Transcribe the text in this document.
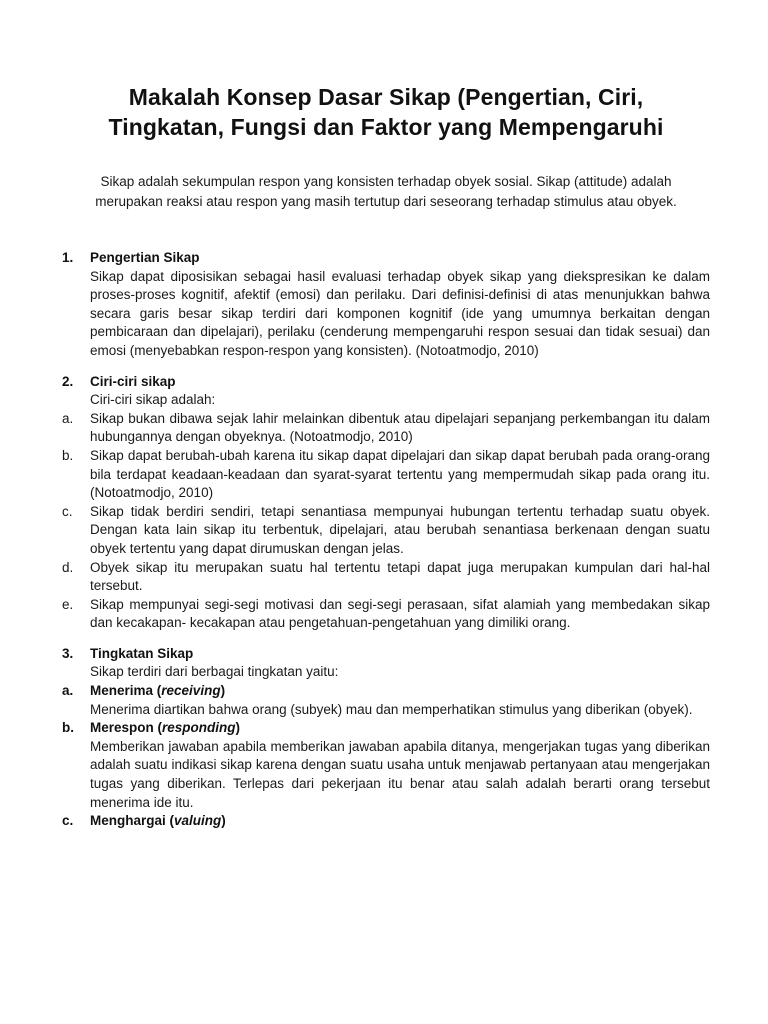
Makalah Konsep Dasar Sikap (Pengertian, Ciri,
Tingkatan, Fungsi dan Faktor yang Mempengaruhi

Sikap adalah sekumpulan respon yang konsisten terhadap obyek sosial. Sikap (attitude) adalah merupakan reaksi atau respon yang masih tertutup dari seseorang terhadap stimulus atau obyek.

1.	Pengertian Sikap

Sikap dapat diposisikan sebagai hasil evaluasi terhadap obyek sikap yang diekspresikan ke dalam proses-proses kognitif, afektif (emosi) dan perilaku. Dari definisi-definisi di atas menunjukkan bahwa secara garis besar sikap terdiri dari komponen kognitif (ide yang umumnya berkaitan dengan pembicaraan dan dipelajari), perilaku (cenderung mempengaruhi respon sesuai dan tidak sesuai) dan emosi (menyebabkan respon-respon yang konsisten). (Notoatmodjo, 2010)

2.	Ciri-ciri sikap

Ciri-ciri sikap adalah:

a.	Sikap bukan dibawa sejak lahir melainkan dibentuk atau dipelajari sepanjang perkembangan itu dalam hubungannya dengan obyeknya. (Notoatmodjo, 2010)

b.	Sikap dapat berubah-ubah karena itu sikap dapat dipelajari dan sikap dapat berubah pada orang-orang bila terdapat keadaan-keadaan dan syarat-syarat tertentu yang mempermudah sikap pada orang itu. (Notoatmodjo, 2010)

c.	Sikap tidak berdiri sendiri, tetapi senantiasa mempunyai hubungan tertentu terhadap suatu obyek. Dengan kata lain sikap itu terbentuk, dipelajari, atau berubah senantiasa berkenaan dengan suatu obyek tertentu yang dapat dirumuskan dengan jelas.

d.	Obyek sikap itu merupakan suatu hal tertentu tetapi dapat juga merupakan kumpulan dari hal-hal tersebut.

e.	Sikap mempunyai segi-segi motivasi dan segi-segi perasaan, sifat alamiah yang membedakan sikap dan kecakapan- kecakapan atau pengetahuan-pengetahuan yang dimiliki orang.

3.	Tingkatan Sikap

Sikap terdiri dari berbagai tingkatan yaitu:

a.	Menerima (receiving)

Menerima diartikan bahwa orang (subyek) mau dan memperhatikan stimulus yang diberikan (obyek).

b.	Merespon (responding)

Memberikan jawaban apabila memberikan jawaban apabila ditanya, mengerjakan tugas yang diberikan adalah suatu indikasi sikap karena dengan suatu usaha untuk menjawab pertanyaan atau mengerjakan tugas yang diberikan. Terlepas dari pekerjaan itu benar atau salah adalah berarti orang tersebut menerima ide itu.

c.	Menghargai (valuing)
